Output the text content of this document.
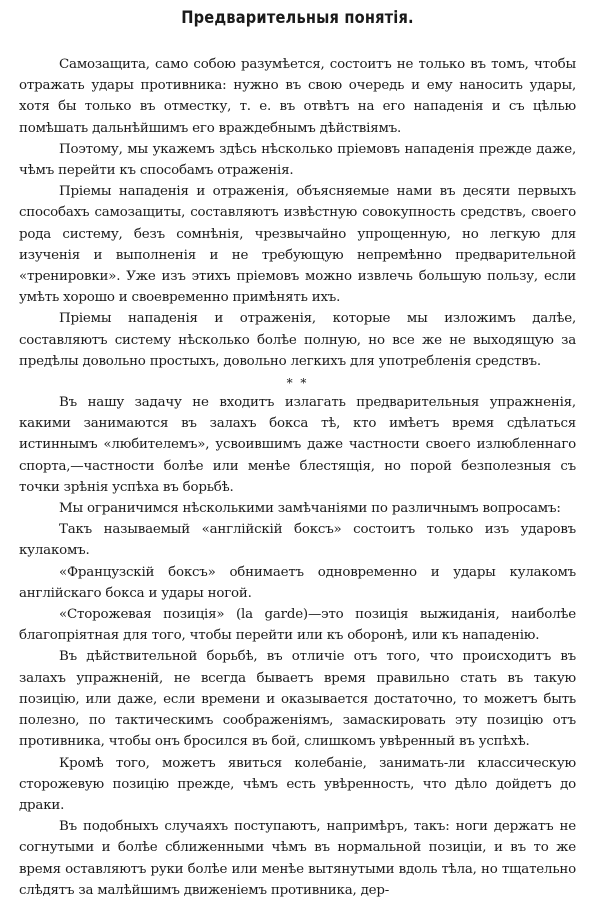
Предварительныя понятія.

Самозащита, само собою разумѣется, состоитъ не только въ томъ, чтобы отражать удары противника: нужно въ свою очередь и ему наносить удары, хотя бы только въ отместку, т. е. въ отвѣтъ на его нападенія и съ цѣлью помѣшать дальнѣйшимъ его враждебнымъ дѣйствіямъ.

Поэтому, мы укажемъ здѣсь нѣсколько пріемовъ нападенія прежде даже, чѣмъ перейти къ способамъ отраженія.

Пріемы нападенія и отраженія, объясняемые нами въ десяти первыхъ способахъ самозащиты, составляютъ извѣстную совокупность средствъ, своего рода систему, безъ сомнѣнія, чрезвычайно упрощенную, но легкую для изученія и выполненія и не требующую непремѣнно предварительной «тренировки». Уже изъ этихъ пріемовъ можно извлечь большую пользу, если умѣть хорошо и своевременно примѣнять ихъ.

Пріемы нападенія и отраженія, которые мы изложимъ далѣе, составляютъ систему нѣсколько болѣе полную, но все же не выходящую за предѣлы довольно простыхъ, довольно легкихъ для употребленія средствъ.

* *

Въ нашу задачу не входитъ излагать предварительныя упражненія, какими занимаются въ залахъ бокса тѣ, кто имѣетъ время сдѣлаться истиннымъ «любителемъ», усвоившимъ даже частности своего излюбленнаго спорта,—частности болѣе или менѣе блестящія, но порой безполезныя съ точки зрѣнія успѣха въ борьбѣ.

Мы ограничимся нѣсколькими замѣчаніями по различнымъ вопросамъ:

Такъ называемый «англійскій боксъ» состоитъ только изъ ударовъ кулакомъ.

«Французскій боксъ» обнимаетъ одновременно и удары кулакомъ англійскаго бокса и удары ногой.

«Сторожевая позиція» (la garde)—это позиція выжиданія, наиболѣе благопріятная для того, чтобы перейти или къ оборонѣ, или къ нападенію.

Въ дѣйствительной борьбѣ, въ отличіе отъ того, что происходитъ въ залахъ упражненій, не всегда бываетъ время правильно стать въ такую позицію, или даже, если времени и оказывается достаточно, то можетъ быть полезно, по тактическимъ соображеніямъ, замаскировать эту позицію отъ противника, чтобы онъ бросился въ бой, слишкомъ увѣренный въ успѣхѣ.

Кромѣ того, можетъ явиться колебаніе, занимать-ли классическую сторожевую позицію прежде, чѣмъ есть увѣренность, что дѣло дойдетъ до драки.

Въ подобныхъ случаяхъ поступаютъ, напримѣръ, такъ: ноги держатъ не согнутыми и болѣе сближенными чѣмъ въ нормальной позиціи, и въ то же время оставляютъ руки болѣе или менѣе вытянутыми вдоль тѣла, но тщательно слѣдятъ за малѣйшимъ движеніемъ противника, дер-
